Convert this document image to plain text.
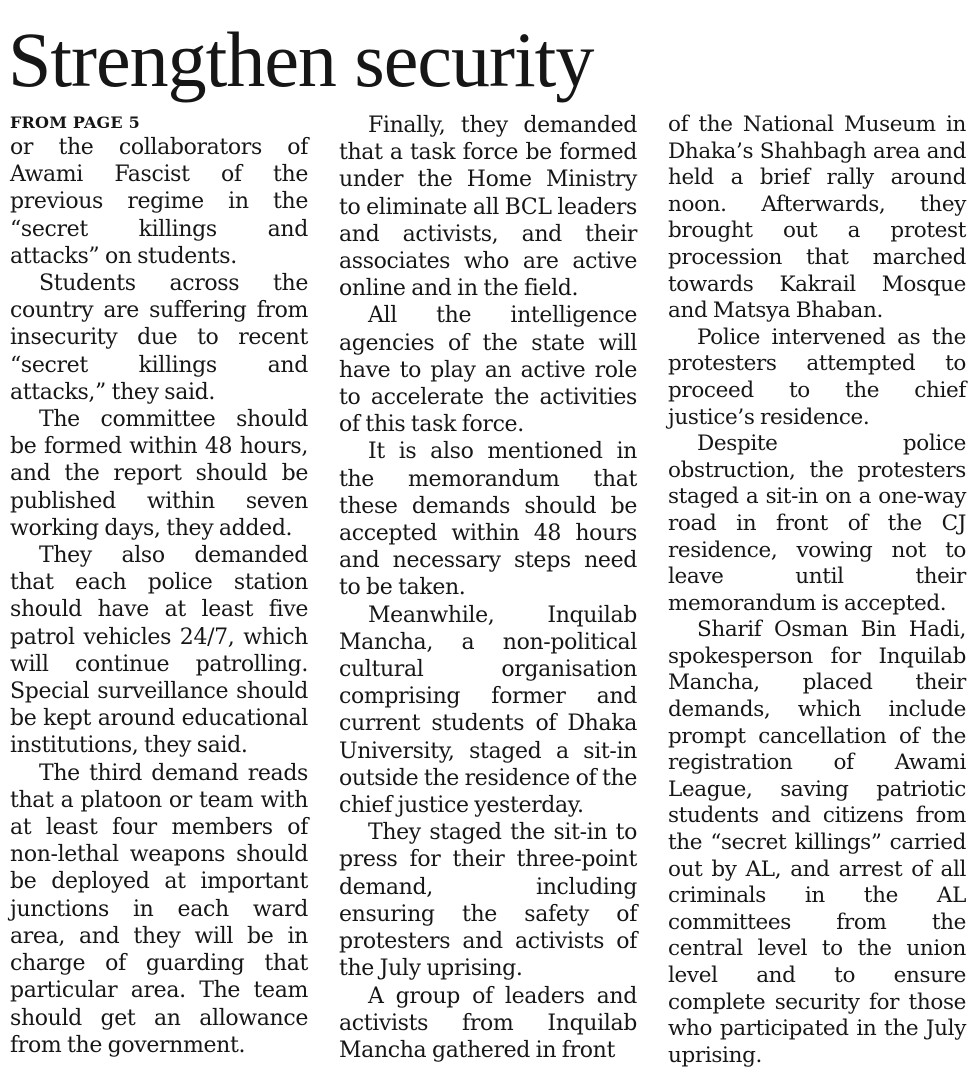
Strengthen security
FROM PAGE 5

or the collaborators of Awami Fascist of the previous regime in the “secret killings and attacks” on students.

Students across the country are suffering from insecurity due to recent “secret killings and attacks,” they said.

The committee should be formed within 48 hours, and the report should be published within seven working days, they added.

They also demanded that each police station should have at least five patrol vehicles 24/7, which will continue patrolling. Special surveillance should be kept around educational institutions, they said.

The third demand reads that a platoon or team with at least four members of non-lethal weapons should be deployed at important junctions in each ward area, and they will be in charge of guarding that particular area. The team should get an allowance from the government.

Finally, they demanded that a task force be formed under the Home Ministry to eliminate all BCL leaders and activists, and their associates who are active online and in the field.

All the intelligence agencies of the state will have to play an active role to accelerate the activities of this task force.

It is also mentioned in the memorandum that these demands should be accepted within 48 hours and necessary steps need to be taken.

Meanwhile, Inquilab Mancha, a non-political cultural organisation comprising former and current students of Dhaka University, staged a sit-in outside the residence of the chief justice yesterday.

They staged the sit-in to press for their three-point demand, including ensuring the safety of protesters and activists of the July uprising.

A group of leaders and activists from Inquilab Mancha gathered in front

of the National Museum in Dhaka’s Shahbagh area and held a brief rally around noon. Afterwards, they brought out a protest procession that marched towards Kakrail Mosque and Matsya Bhaban.

Police intervened as the protesters attempted to proceed to the chief justice’s residence.

Despite police obstruction, the protesters staged a sit-in on a one-way road in front of the CJ residence, vowing not to leave until their memorandum is accepted.

Sharif Osman Bin Hadi, spokesperson for Inquilab Mancha, placed their demands, which include prompt cancellation of the registration of Awami League, saving patriotic students and citizens from the “secret killings” carried out by AL, and arrest of all criminals in the AL committees from the central level to the union level and to ensure complete security for those who participated in the July uprising.
